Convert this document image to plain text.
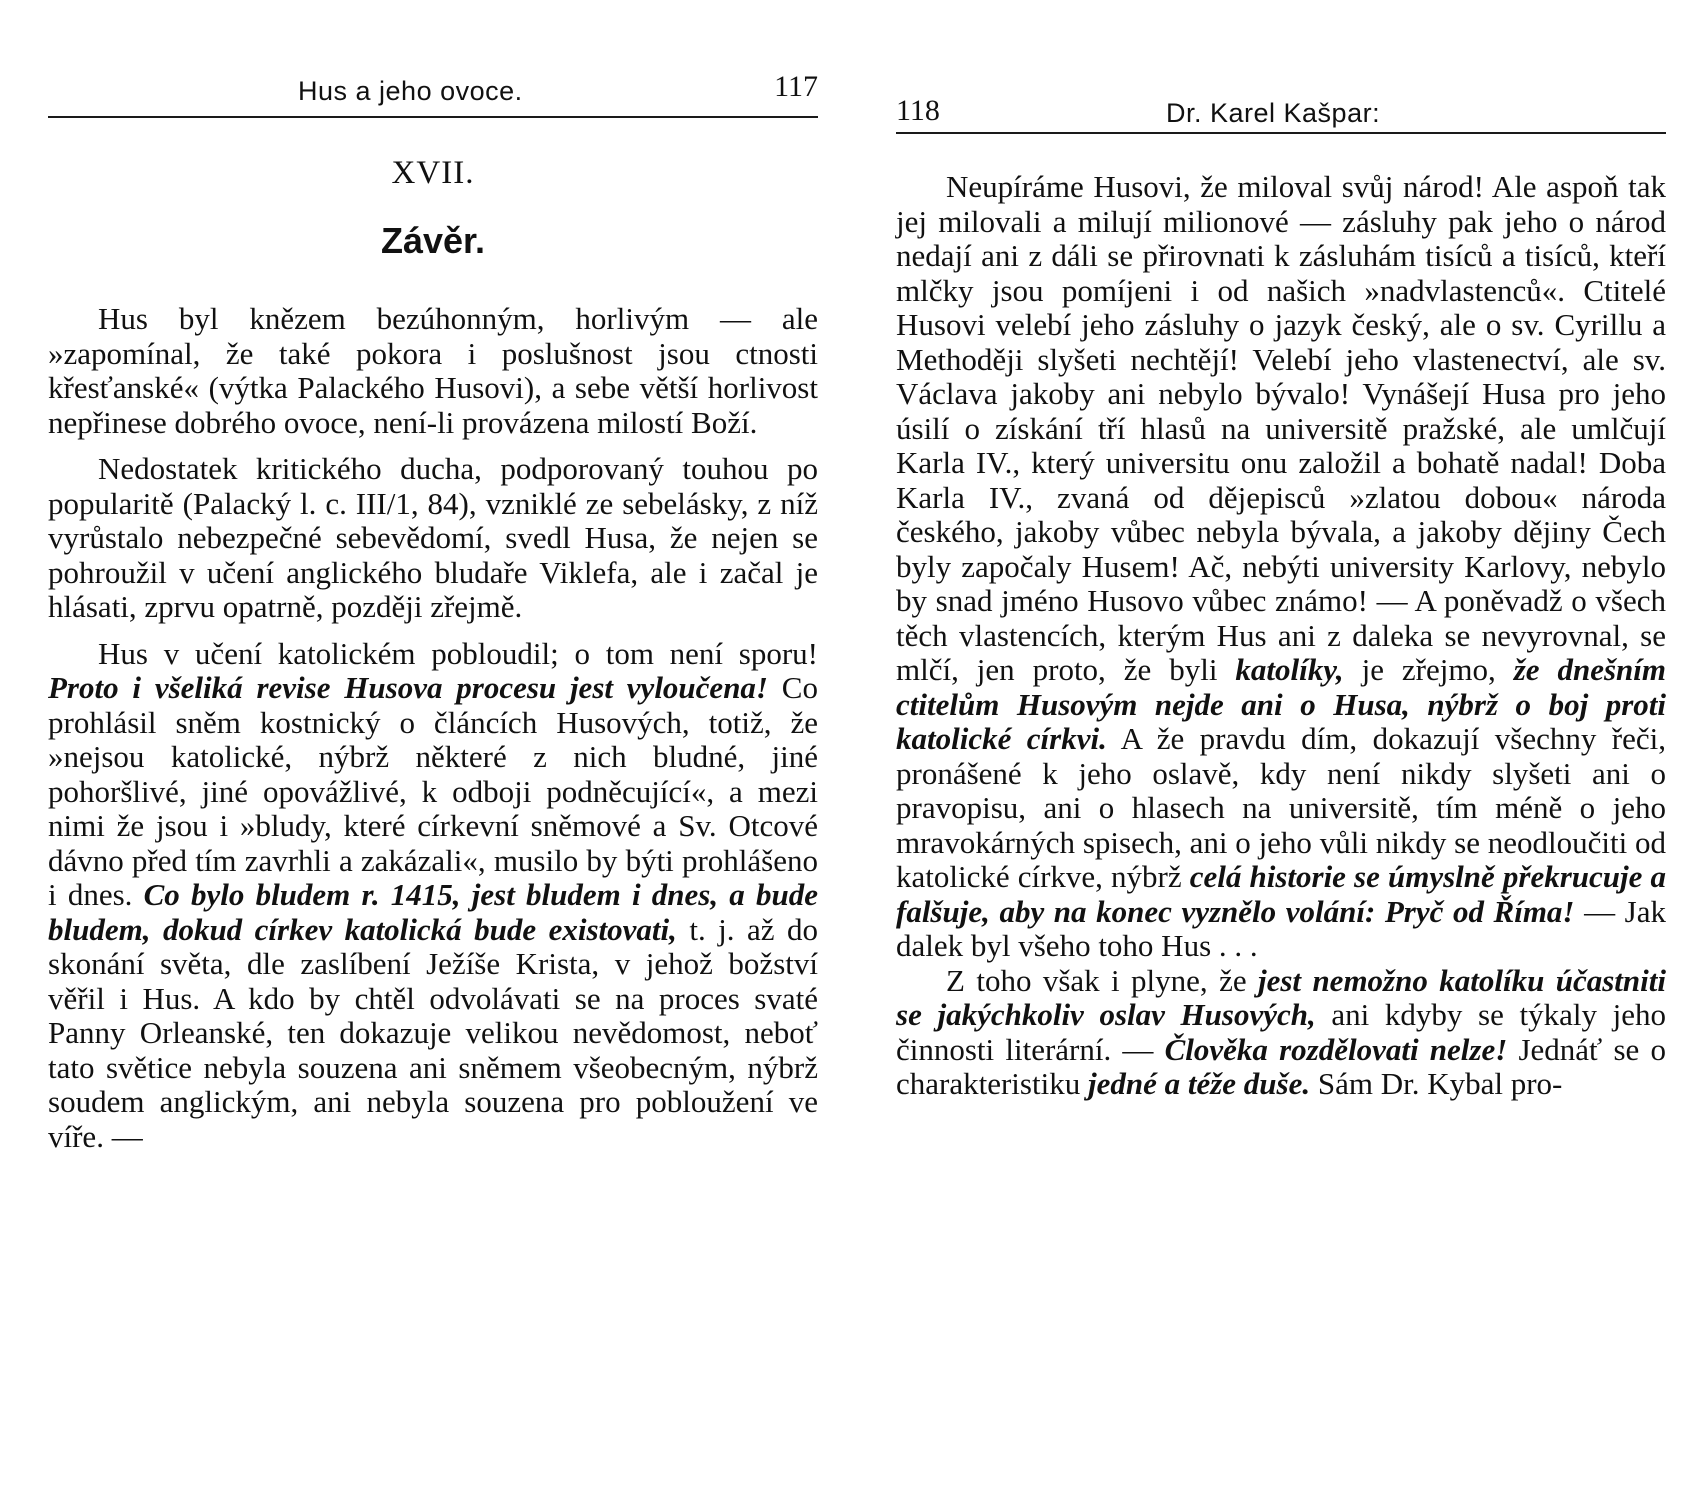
Hus a jeho ovoce.	117
XVII.
Závěr.

Hus byl knězem bezúhonným, horlivým — ale »zapomínal, že také pokora i poslušnost jsou ctnosti křesťanské« (výtka Palackého Husovi), a sebe větší horlivost nepřinese dobrého ovoce, není-li provázena milostí Boží.

Nedostatek kritického ducha, podporovaný touhou po popularitě (Palacký l. c. III/1, 84), vzniklé ze sebelásky, z níž vyrůstalo nebezpečné sebevědomí, svedl Husa, že nejen se pohroužil v učení anglického bludaře Viklefa, ale i začal je hlásati, zprvu opatrně, později zřejmě.

Hus v učení katolickém pobloudil; o tom není sporu! Proto i všeliká revise Husova procesu jest vyloučena! Co prohlásil sněm kostnický o článcích Husových, totiž, že »nejsou katolické, nýbrž některé z nich bludné, jiné pohoršlivé, jiné opovážlivé, k odboji podněcující«, a mezi nimi že jsou i »bludy, které církevní sněmové a Sv. Otcové dávno před tím zavrhli a zakázali«, musilo by býti prohlášeno i dnes. Co bylo bludem r. 1415, jest bludem i dnes, a bude bludem, dokud církev katolická bude existovati, t. j. až do skonání světa, dle zaslíbení Ježíše Krista, v jehož božství věřil i Hus. A kdo by chtěl odvolávati se na proces svaté Panny Orleanské, ten dokazuje velikou nevědomost, neboť tato světice nebyla souzena ani sněmem všeobecným, nýbrž soudem anglickým, ani nebyla souzena pro pobloužení ve víře. —

118	Dr. Karel Kašpar:

Neupíráme Husovi, že miloval svůj národ! Ale aspoň tak jej milovali a milují milionové — zásluhy pak jeho o národ nedají ani z dáli se přirovnati k zásluhám tisíců a tisíců, kteří mlčky jsou pomíjeni i od našich »nadvlastenců«. Ctitelé Husovi velebí jeho zásluhy o jazyk český, ale o sv. Cyrillu a Methoději slyšeti nechtějí! Velebí jeho vlastenectví, ale sv. Václava jakoby ani nebylo bývalo! Vynášejí Husa pro jeho úsilí o získání tří hlasů na universitě pražské, ale umlčují Karla IV., který universitu onu založil a bohatě nadal! Doba Karla IV., zvaná od dějepisců »zlatou dobou« národa českého, jakoby vůbec nebyla bývala, a jakoby dějiny Čech byly započaly Husem! Ač, nebýti university Karlovy, nebylo by snad jméno Husovo vůbec známo! — A poněvadž o všech těch vlastencích, kterým Hus ani z daleka se nevyrovnal, se mlčí, jen proto, že byli katolíky, je zřejmo, že dnešním ctitelům Husovým nejde ani o Husa, nýbrž o boj proti katolické církvi. A že pravdu dím, dokazují všechny řeči, pronášené k jeho oslavě, kdy není nikdy slyšeti ani o pravopisu, ani o hlasech na universitě, tím méně o jeho mravokárných spisech, ani o jeho vůli nikdy se neodloučiti od katolické církve, nýbrž celá historie se úmyslně překrucuje a falšuje, aby na konec vyznělo volání: Pryč od Říma! — Jak dalek byl všeho toho Hus . . .

Z toho však i plyne, že jest nemožno katolíku účastniti se jakýchkoliv oslav Husových, ani kdyby se týkaly jeho činnosti literární. — Člověka rozdělovati nelze! Jednáť se o charakteristiku jedné a téže duše. Sám Dr. Kybal pro-
